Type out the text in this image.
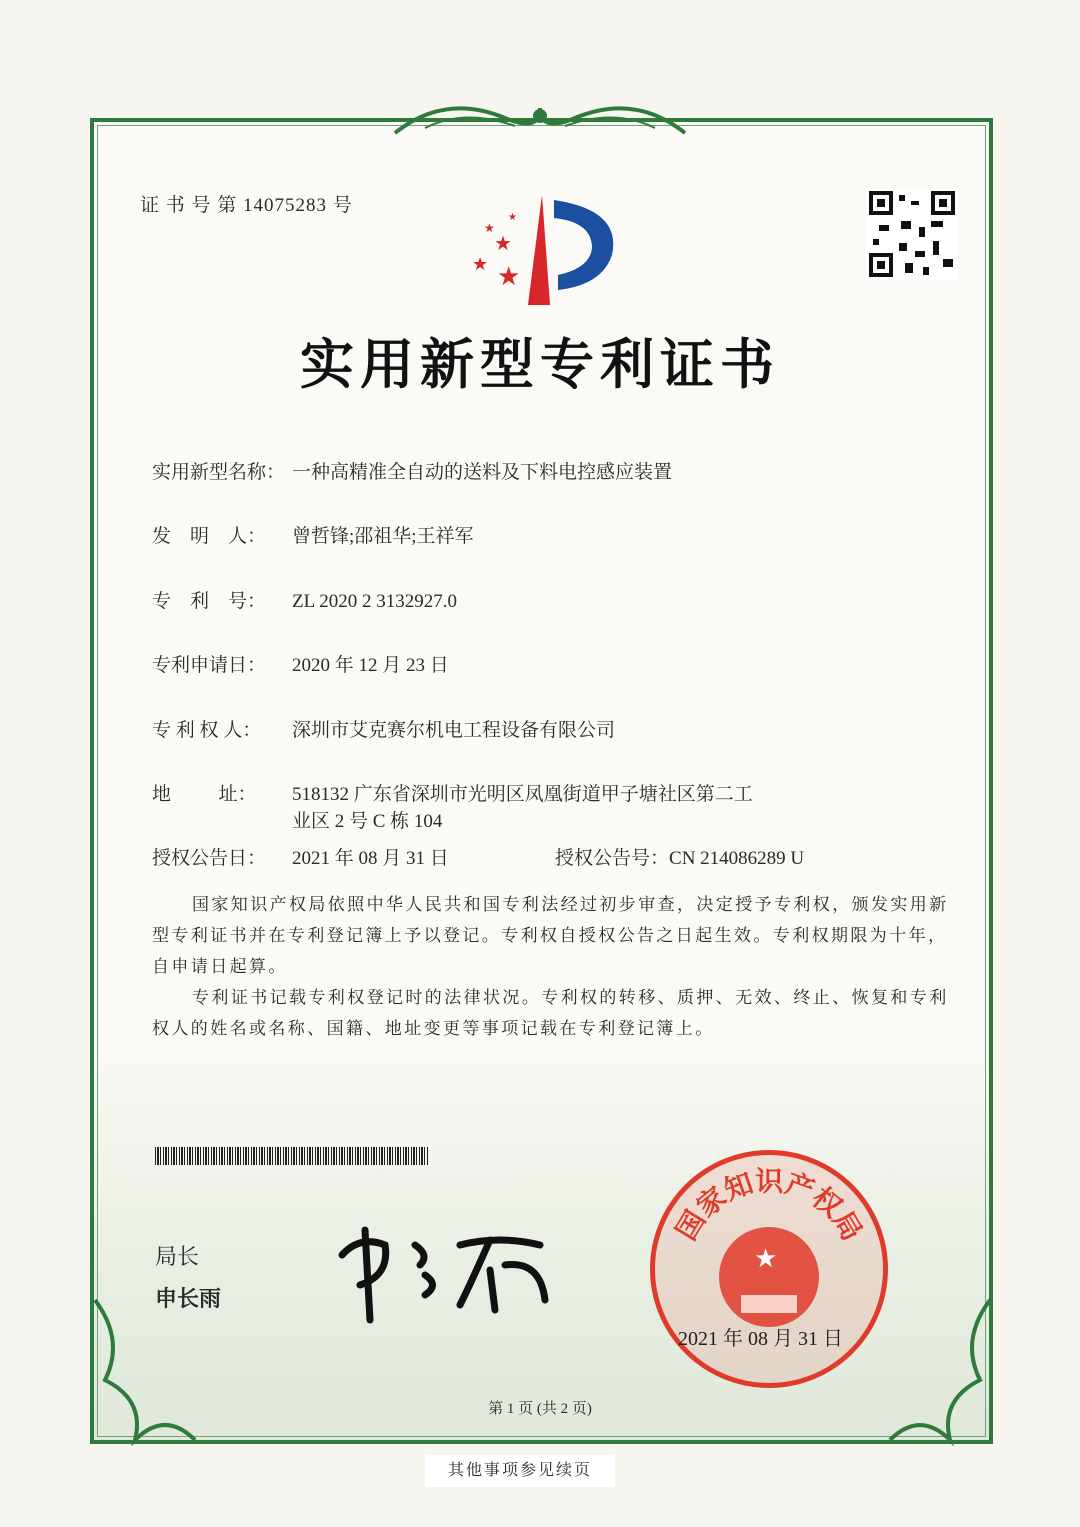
证 书 号 第 14075283 号
★
★
★
★
★
实用新型专利证书
实用新型名称： 一种高精准全自动的送料及下料电控感应装置
发    明    人： 曾哲锋;邵祖华;王祥军
专    利    号： ZL 2020 2 3132927.0
专利申请日： 2020 年 12 月 23 日
专 利 权 人： 深圳市艾克赛尔机电工程设备有限公司
地          址： 518132 广东省深圳市光明区凤凰街道甲子塘社区第二工
业区 2 号 C 栋 104
授权公告日： 2021 年 08 月 31 日	授权公告号：CN 214086289 U
国家知识产权局依照中华人民共和国专利法经过初步审查，决定授予专利权，颁发实用新型专利证书并在专利登记簿上予以登记。专利权自授权公告之日起生效。专利权期限为十年，自申请日起算。
专利证书记载专利权登记时的法律状况。专利权的转移、质押、无效、终止、恢复和专利权人的姓名或名称、国籍、地址变更等事项记载在专利登记簿上。
局长
申长雨
★
国家知识产权局
2021 年 08 月 31 日
第 1 页 (共 2 页)
其他事项参见续页
